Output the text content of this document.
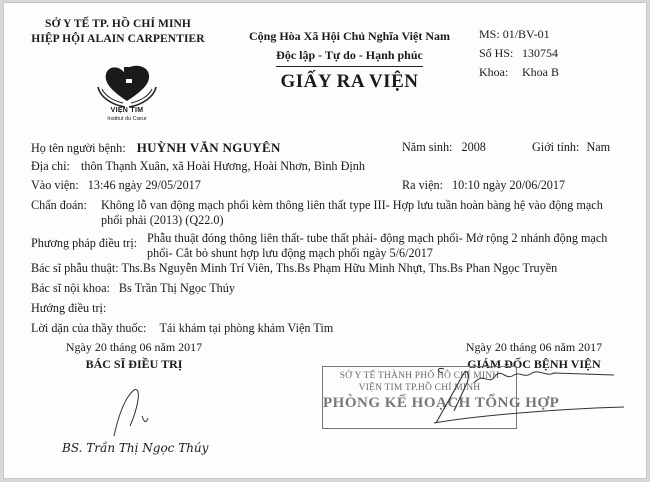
SỞ Y TẾ TP. HỒ CHÍ MINH
HIỆP HỘI ALAIN CARPENTIER
VIỆN TIM
Institut du Cœur
Cộng Hòa Xã Hội Chủ Nghĩa Việt Nam
Độc lập - Tự do - Hạnh phúc
GIẤY RA VIỆN
MS: 01/BV-01
Số HS: 130754
Khoa: Khoa B
Họ tên người bệnh: HUỲNH VĂN NGUYÊN	Năm sinh: 2008	Giới tính: Nam
Địa chỉ: thôn Thạnh Xuân, xã Hoài Hương, Hoài Nhơn, Bình Định
Vào viện: 13:46 ngày 29/05/2017	Ra viện: 10:10 ngày 20/06/2017
Chẩn đoán: Không lỗ van động mạch phổi kèm thông liên thất type III- Hợp lưu tuần hoàn bàng hệ vào động mạch
phổi phải (2013) (Q22.0)
Phương pháp điều trị: Phẫu thuật đóng thông liên thất- tube thất phải- động mạch phổi- Mở rộng 2 nhánh động mạch
phổi- Cắt bỏ shunt hợp lưu động mạch phổi ngày 5/6/2017
Bác sĩ phẫu thuật: Ths.Bs Nguyễn Minh Trí Viên, Ths.Bs Phạm Hữu Minh Nhựt, Ths.Bs Phan Ngọc Truyền
Bác sĩ nội khoa: Bs Trần Thị Ngọc Thúy
Hướng điều trị:
Lời dặn của thầy thuốc: Tái khám tại phòng khám Viện Tim
Ngày 20 tháng 06 năm 2017
BÁC SĨ ĐIỀU TRỊ
BS. Trần Thị Ngọc Thúy
Ngày 20 tháng 06 năm 2017
GIÁM ĐỐC BỆNH VIỆN
SỞ Y TẾ THÀNH PHỐ HỒ CHÍ MINH
VIỆN TIM TP.HỒ CHÍ MINH
PHÒNG KẾ HOẠCH TỔNG HỢP
